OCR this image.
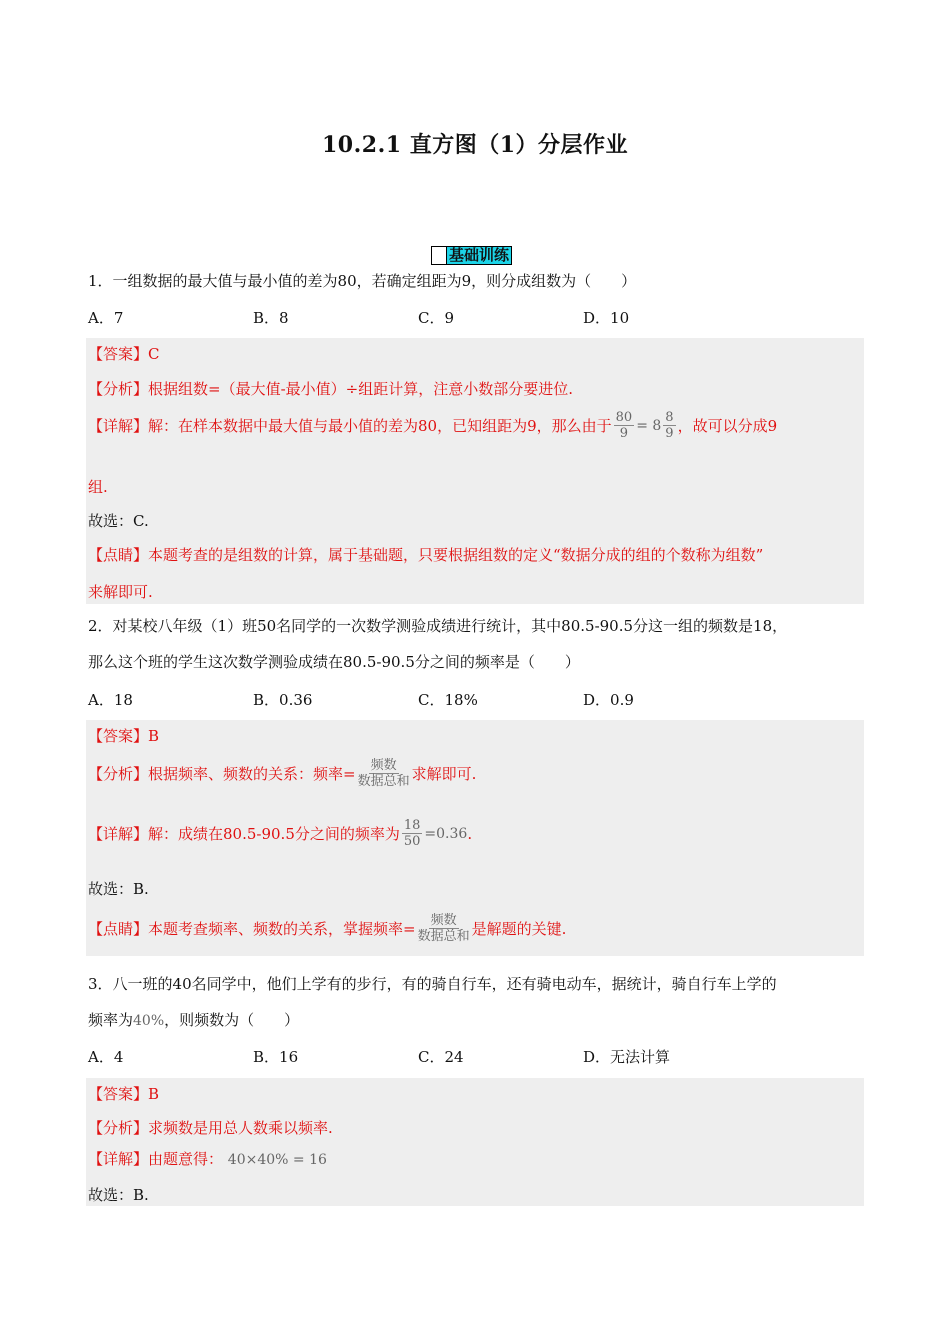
10.2.1 直方图（1）分层作业
基础训练
1．一组数据的最大值与最小值的差为80，若确定组距为9，则分成组数为（　　）
A．7	B．8	C．9	D．10
【答案】C
【分析】根据组数=（最大值-最小值）÷组距计算，注意小数部分要进位.
【详解】解：在样本数据中最大值与最小值的差为80，已知组距为9，那么由于 $\frac{80}{9} = 8 \frac{8}{9}$ ，故可以分成9
组.
故选：C.
【点睛】本题考查的是组数的计算，属于基础题，只要根据组数的定义“数据分成的组的个数称为组数”
来解即可.
2．对某校八年级（1）班50名同学的一次数学测验成绩进行统计，其中80.5-90.5分这一组的频数是18，
那么这个班的学生这次数学测验成绩在80.5-90.5分之间的频率是（　　）
A．18	B．0.36	C．18%	D．0.9
【答案】B
【分析】根据频率、频数的关系：频率= $\frac{\text{频数}}{\text{数据总和}}$ 求解即可.
【详解】解：成绩在80.5-90.5分之间的频率为 $\frac{18}{50} =0.36$ .
故选：B.
【点睛】本题考查频率、频数的关系，掌握频率= $\frac{\text{频数}}{\text{数据总和}}$ 是解题的关键.
3．八一班的40名同学中，他们上学有的步行，有的骑自行车，还有骑电动车，据统计，骑自行车上学的
频率为40%，则频数为（　　）
A．4	B．16	C．24	D．无法计算
【答案】B
【分析】求频数是用总人数乘以频率.
【详解】由题意得： 40×40% = 16
故选：B.
